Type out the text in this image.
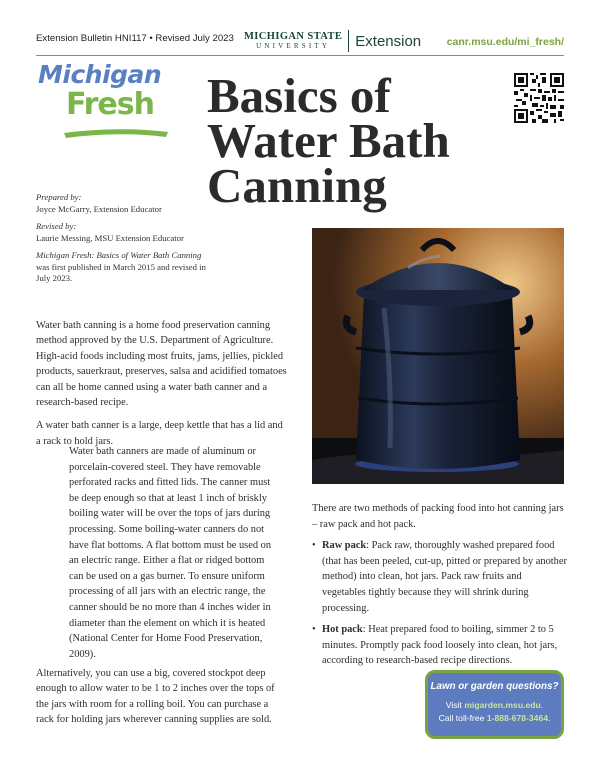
Extension Bulletin HNI117 • Revised July 2023 MICHIGAN STATE
UNIVERSITY	Extension canr.msu.edu/mi_fresh/
Michigan
Fresh Basics of
Water Bath
Canning

Prepared by:
Joyce McGarry, Extension Educator

Revised by:
Laurie Messing, MSU Extension Educator

Michigan Fresh: Basics of Water Bath Canning
was first published in March 2015 and revised in July 2023.

Water bath canning is a home food preservation canning method approved by the U.S. Department of Agriculture. High-acid foods including most fruits, jams, jellies, pickled products, sauerkraut, preserves, salsa and acidified tomatoes can all be home canned using a water bath canner and a research-based recipe.

A water bath canner is a large, deep kettle that has a lid and a rack to hold jars.

Water bath canners are made of aluminum or porcelain-covered steel. They have removable perforated racks and fitted lids. The canner must be deep enough so that at least 1 inch of briskly boiling water will be over the tops of jars during processing. Some boiling-water canners do not have flat bottoms. A flat bottom must be used on an electric range. Either a flat or ridged bottom can be used on a gas burner. To ensure uniform processing of all jars with an electric range, the canner should be no more than 4 inches wider in diameter than the element on which it is heated (National Center for Home Food Preservation, 2009).

Alternatively, you can use a big, covered stockpot deep enough to allow water to be 1 to 2 inches over the tops of the jars with room for a rolling boil. You can purchase a rack for holding jars wherever canning supplies are sold.

There are two methods of packing food into hot canning jars – raw pack and hot pack.

• Raw pack: Pack raw, thoroughly washed prepared food (that has been peeled, cut-up, pitted or prepared by another method) into clean, hot jars. Pack raw fruits and vegetables tightly because they will shrink during processing.
• Hot pack: Heat prepared food to boiling, simmer 2 to 5 minutes. Promptly pack food loosely into clean, hot jars, according to research-based recipe directions.
Lawn or garden questions?
Visit migarden.msu.edu.
Call toll-free 1-888-678-3464.
